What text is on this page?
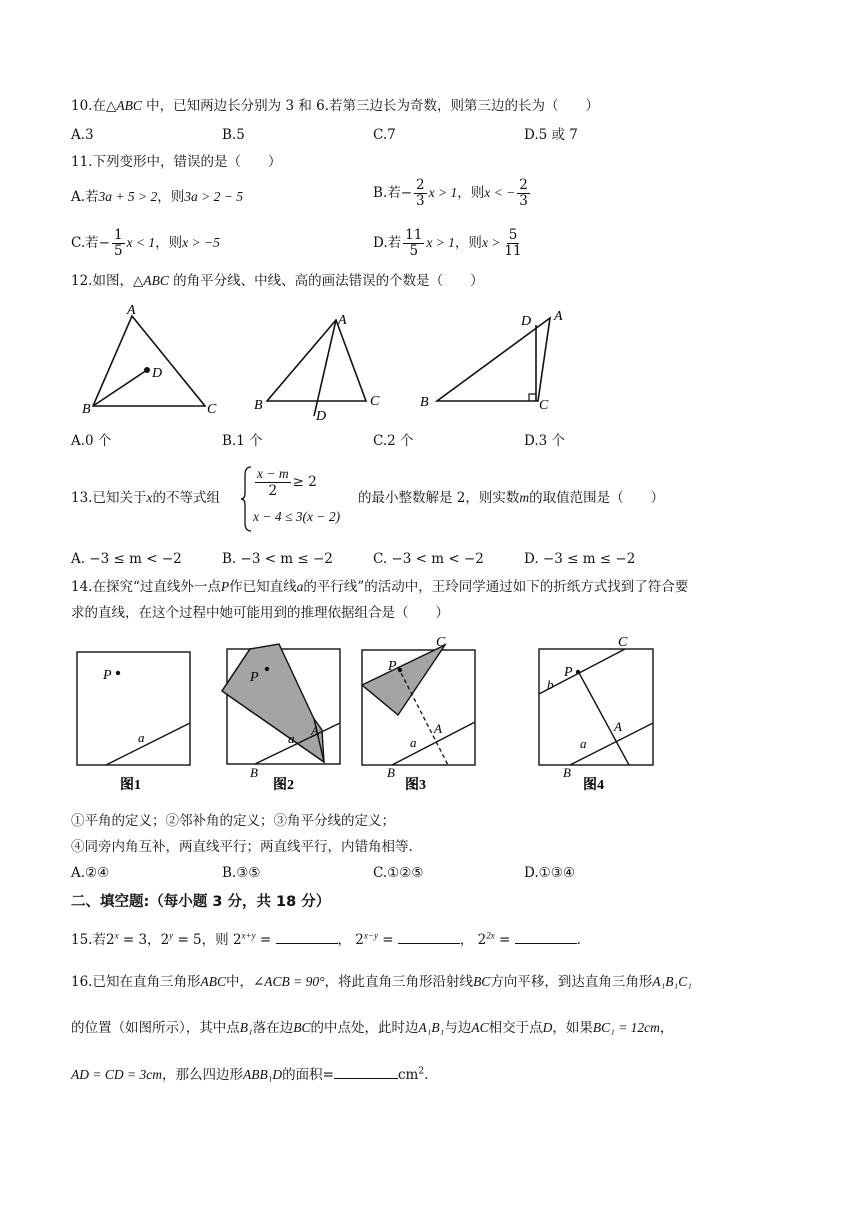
10.在△ABC 中，已知两边长分别为 3 和 6.若第三边长为奇数，则第三边的长为（　　）
A.3	B.5	C.7	D.5 或 7
11.下列变形中，错误的是（　　）
A.若3a + 5 > 2，则3a > 2 − 5	B.若− $\frac{2}{3}$ x > 1，则x < − $\frac{2}{3}$
C.若− $\frac{1}{5}$ x < 1，则x > −5	D.若 $\frac{11}{5}$ x > 1，则$x > \frac{5}{11}$
12.如图，△ABC 的角平分线、中线、高的画法错误的个数是（　　）
A
B	C
D
A
B	C
D
A
D
B	C
A.0 个	B.1 个	C.2 个	D.3 个
13.已知关于x的不等式组	$\frac{x - m}{2} \ge 2$
x − 4 ≤ 3(x − 2)
的最小整数解是 2，则实数m的取值范围是（　　）
A. −3 ≤ m < −2	B. −3 < m ≤ −2	C. −3 < m < −2	D. −3 ≤ m ≤ −2
14.在探究“过直线外一点P作已知直线a的平行线”的活动中，王玲同学通过如下的折纸方式找到了符合要
求的直线，在这个过程中她可能用到的推理依据组合是（　　）
P
a
图1
P
a
A
B
图2
P
C
a
A
B
图3
P
b
C
a
A
B
图4
①平角的定义；②邻补角的定义；③角平分线的定义；
④同旁内角互补，两直线平行；两直线平行，内错角相等.
A.②④	B.③⑤	C.①②⑤	D.①③④
二、填空题:（每小题 3 分，共 18 分）
15.若$2^x = 3$，$2^y = 5$，则 $2^{x+y}$ =	， $2^{x-y}$ =	， $2^{2x}$ =	.
16.已知在直角三角形ABC中，∠ACB = 90°，将此直角三角形沿射线BC方向平移，到达直角三角形A₁B₁C₁
的位置（如图所示），其中点B₁落在边BC的中点处，此时边A₁B₁与边AC相交于点D，如果BC₁ = 12cm，
AD = CD = 3cm，那么四边形ABB₁D的面积=	$cm^2$.
